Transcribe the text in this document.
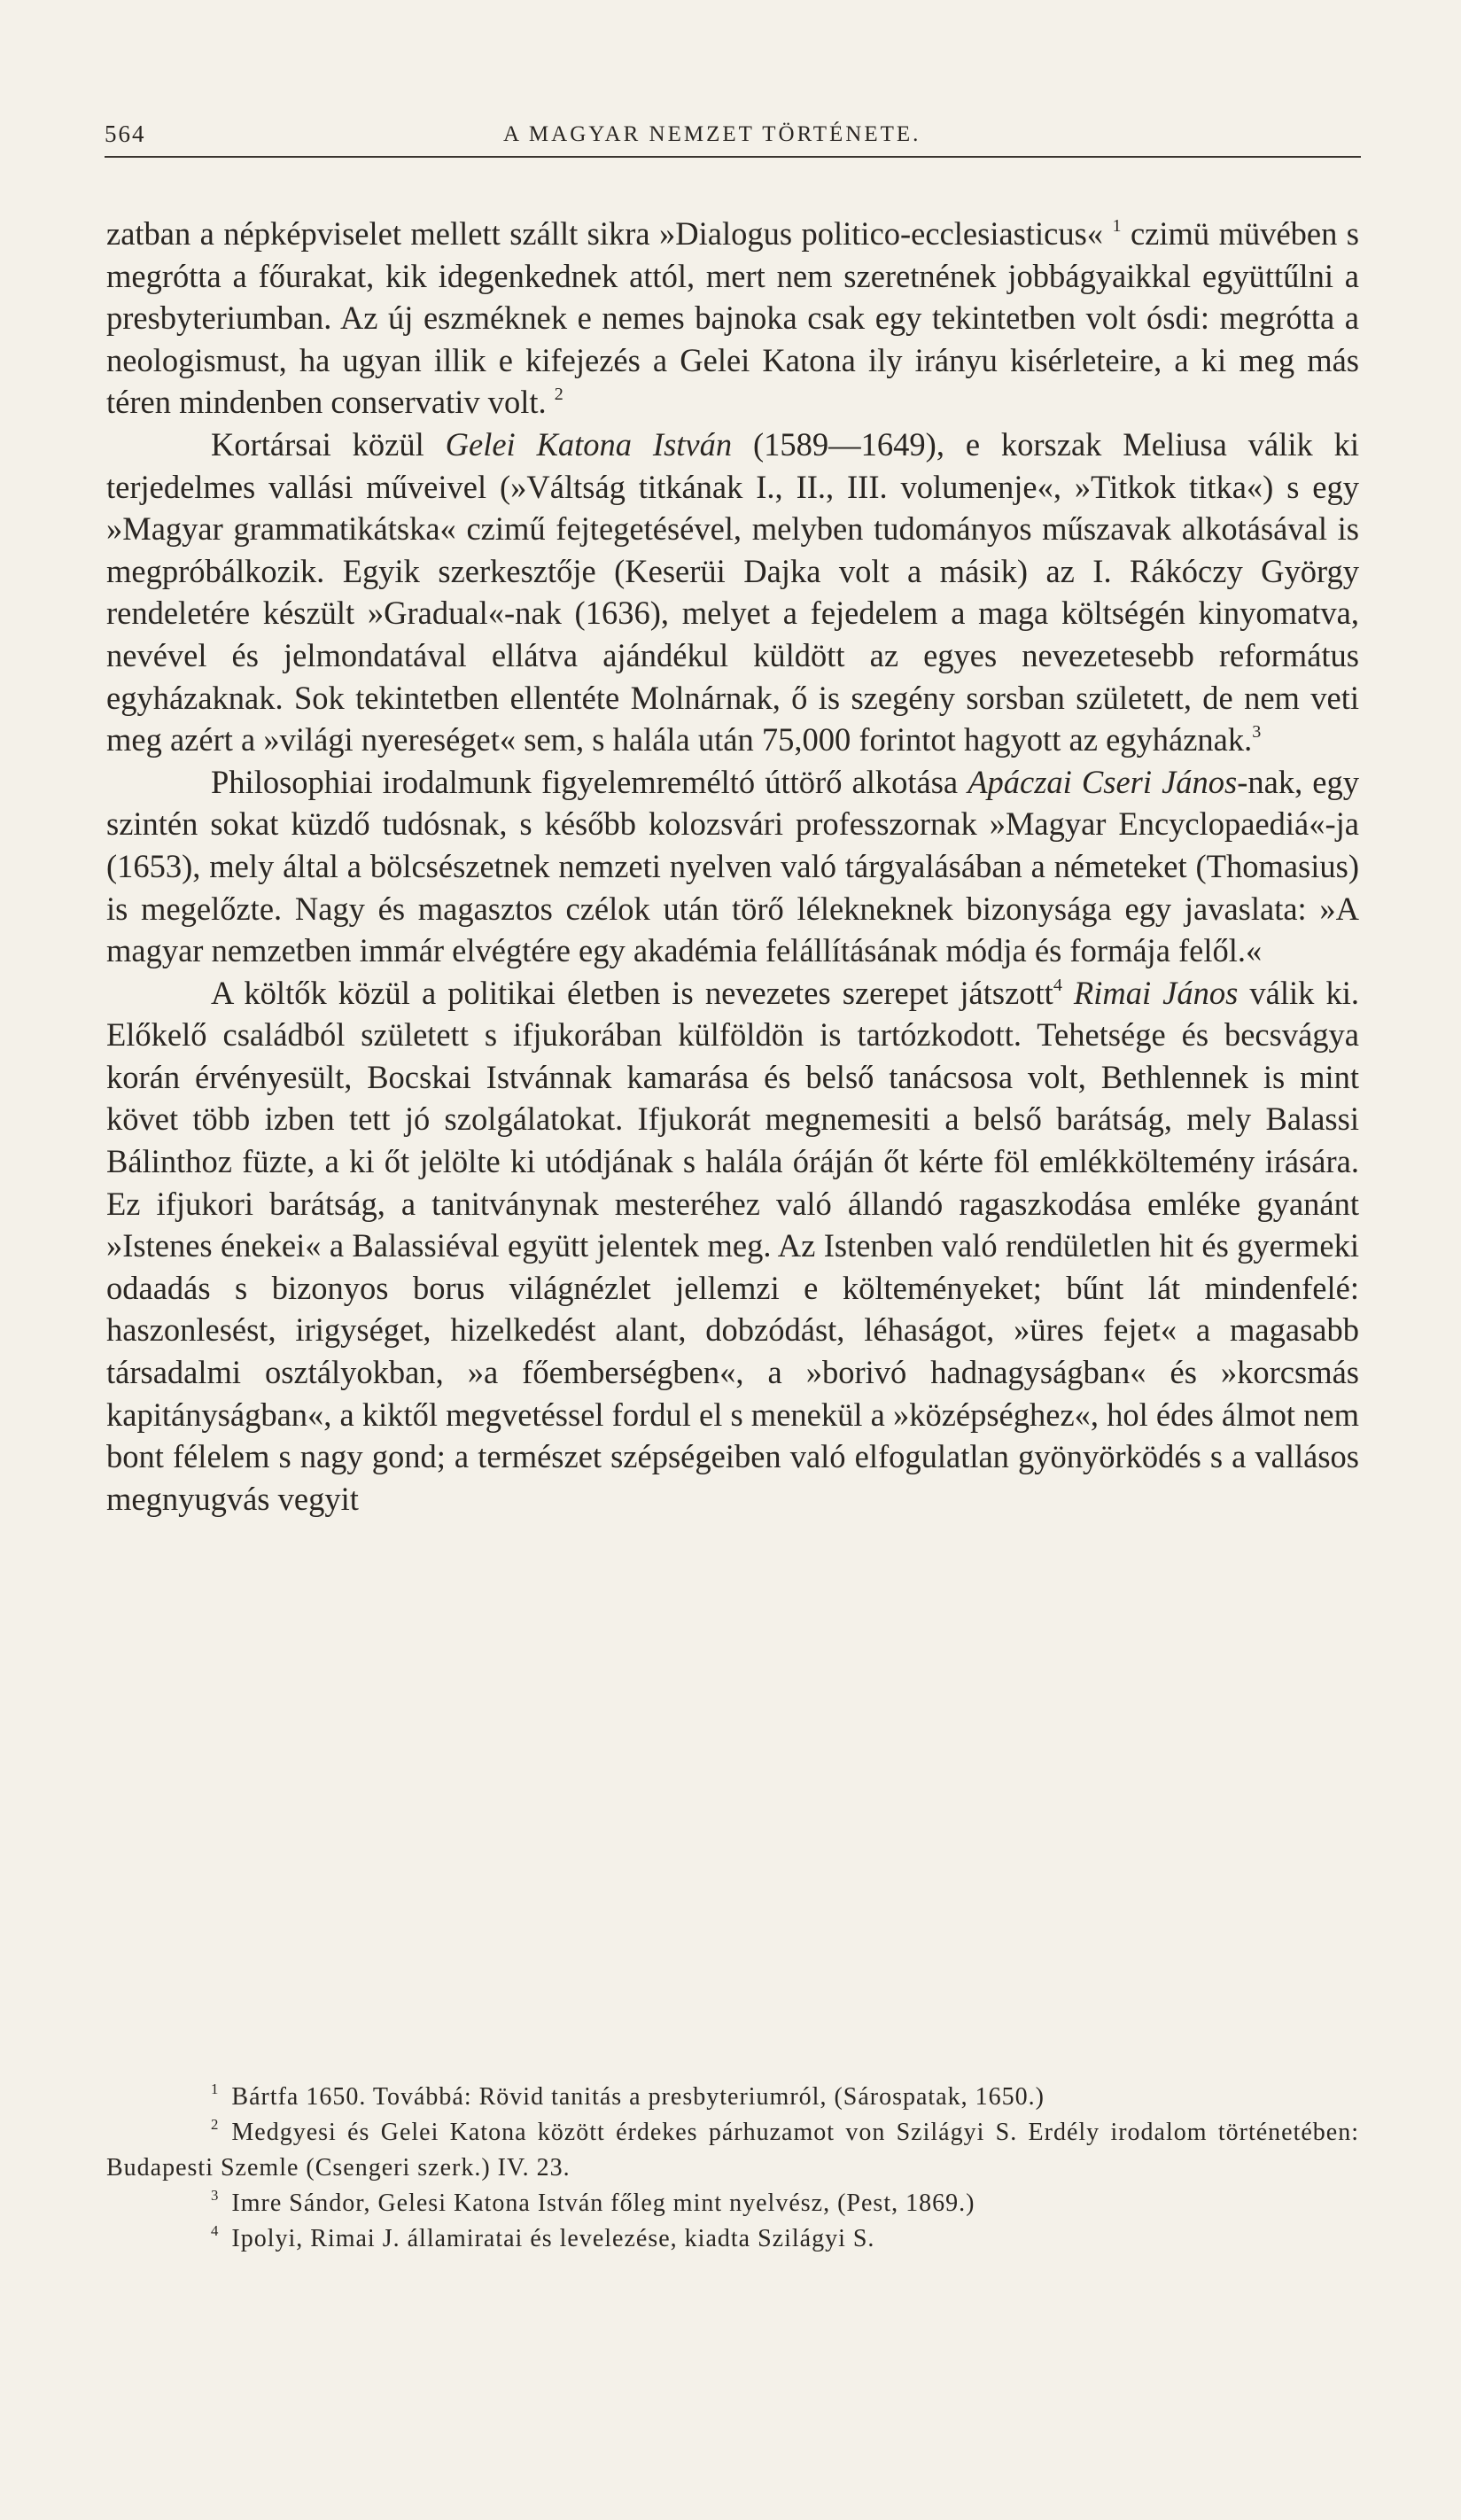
564	A MAGYAR NEMZET TÖRTÉNETE.

zatban a népképviselet mellett szállt sikra »Dialogus politico-ecclesiasticus« $^1$ czimü müvében s megrótta a főurakat, kik idegenkednek attól, mert nem szeretnének jobbágyaikkal együttűlni a presbyteriumban. Az új eszméknek e nemes bajnoka csak egy tekintetben volt ósdi: megrótta a neologismust, ha ugyan illik e kifejezés a Gelei Katona ily irányu kisérleteire, a ki meg más téren mindenben conservativ volt. $^2$

Kortársai közül Gelei Katona István (1589—1649), e korszak Meliusa válik ki terjedelmes vallási műveivel (»Váltság titkának I., II., III. volumenje«, »Titkok titka«) s egy »Magyar grammatikátska« czimű fejtegetésével, melyben tudományos műszavak alkotásával is megpróbálkozik. Egyik szerkesztője (Keserüi Dajka volt a másik) az I. Rákóczy György rendeletére készült »Gradual«-nak (1636), melyet a fejedelem a maga költségén kinyomatva, nevével és jelmondatával ellátva ajándékul küldött az egyes nevezetesebb református egyházaknak. Sok tekintetben ellentéte Molnárnak, ő is szegény sorsban született, de nem veti meg azért a »világi nyereséget« sem, s halála után 75,000 forintot hagyott az egyháznak.$^3$

Philosophiai irodalmunk figyelemreméltó úttörő alkotása Apáczai Cseri János-nak, egy szintén sokat küzdő tudósnak, s később kolozsvári professzornak »Magyar Encyclopaediá«-ja (1653), mely által a bölcsészetnek nemzeti nyelven való tárgyalásában a németeket (Thomasius) is megelőzte. Nagy és magasztos czélok után törő lélekneknek bizonysága egy javaslata: »A magyar nemzetben immár elvégtére egy akadémia felállításának módja és formája felől.«

A költők közül a politikai életben is nevezetes szerepet játszott$^4$ Rimai János válik ki. Előkelő családból született s ifjukorában külföldön is tartózkodott. Tehetsége és becsvágya korán érvényesült, Bocskai Istvánnak kamarása és belső tanácsosa volt, Bethlennek is mint követ több izben tett jó szolgálatokat. Ifjukorát megnemesiti a belső barátság, mely Balassi Bálinthoz füzte, a ki őt jelölte ki utódjának s halála óráján őt kérte föl emlékköltemény irására. Ez ifjukori barátság, a tanitványnak mesteréhez való állandó ragaszkodása emléke gyanánt »Istenes énekei« a Balassiéval együtt jelentek meg. Az Istenben való rendületlen hit és gyermeki odaadás s bizonyos borus világnézlet jellemzi e költeményeket; bűnt lát mindenfelé: haszonlesést, irigységet, hizelkedést alant, dobzódást, léhaságot, »üres fejet« a magasabb társadalmi osztályokban, »a főemberségben«, a »borivó hadnagyságban« és »korcsmás kapitányságban«, a kiktől megvetéssel fordul el s menekül a »középséghez«, hol édes álmot nem bont félelem s nagy gond; a természet szépségeiben való elfogulatlan gyönyörködés s a vallásos megnyugvás vegyit

$^1$ Bártfa 1650. Továbbá: Rövid tanitás a presbyteriumról, (Sárospatak, 1650.)

$^2$ Medgyesi és Gelei Katona között érdekes párhuzamot von Szilágyi S. Erdély irodalom történetében: Budapesti Szemle (Csengeri szerk.) IV. 23.

$^3$ Imre Sándor, Gelesi Katona István főleg mint nyelvész, (Pest, 1869.)

$^4$ Ipolyi, Rimai J. államiratai és levelezése, kiadta Szilágyi S.
